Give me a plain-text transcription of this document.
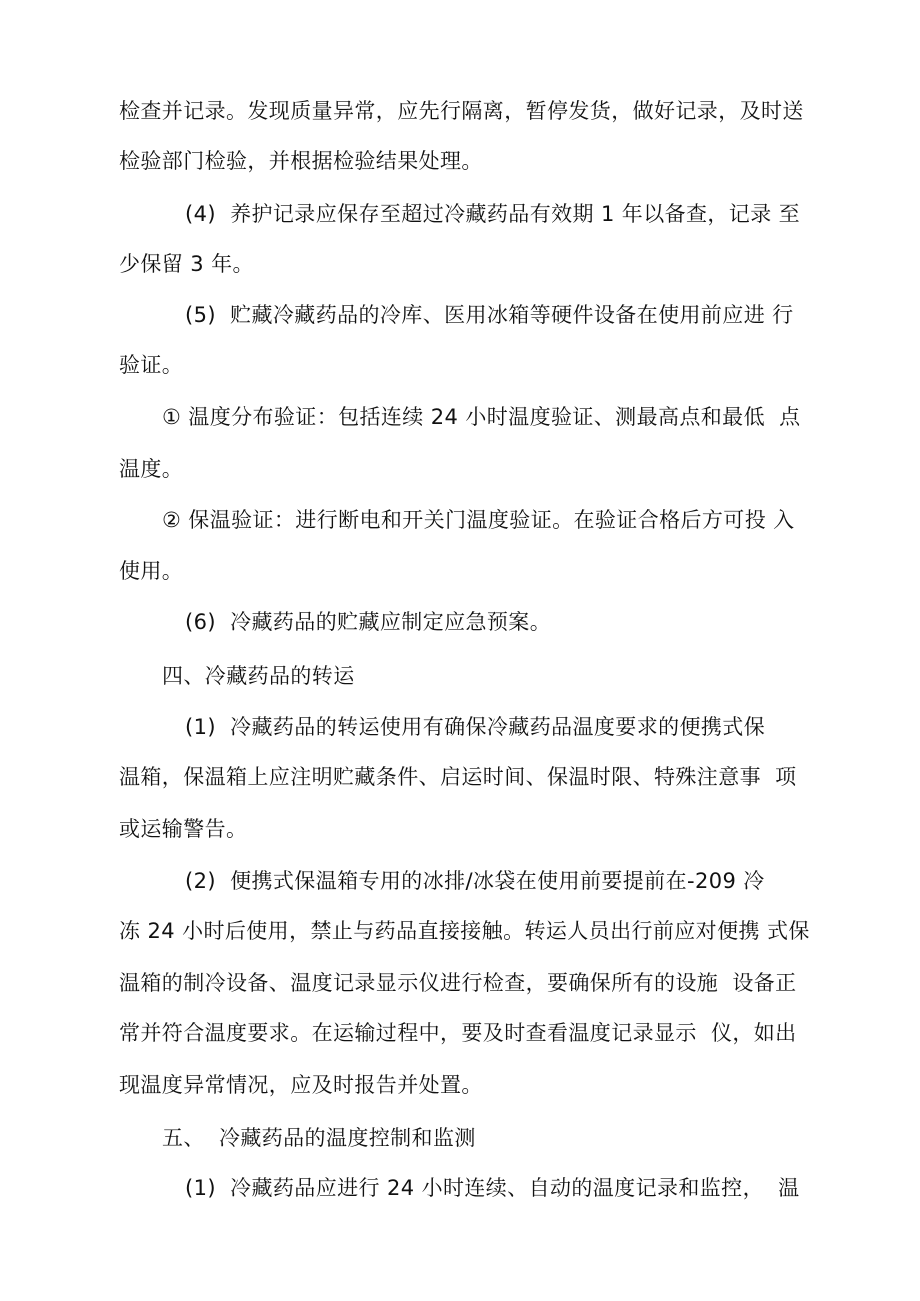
检查并记录。发现质量异常，应先行隔离，暂停发货，做好记录，及时送
检验部门检验，并根据检验结果处理。
(4)  养护记录应保存至超过冷藏药品有效期 1 年以备查，记录 至
少保留 3 年。
(5)  贮藏冷藏药品的冷库、医用冰箱等硬件设备在使用前应进 行
验证。
① 温度分布验证：包括连续 24 小时温度验证、测最高点和最低  点
温度。
② 保温验证：进行断电和开关门温度验证。在验证合格后方可投 入
使用。
(6)  冷藏药品的贮藏应制定应急预案。
四、冷藏药品的转运
(1)  冷藏药品的转运使用有确保冷藏药品温度要求的便携式保
温箱，保温箱上应注明贮藏条件、启运时间、保温时限、特殊注意事  项
或运输警告。
(2)  便携式保温箱专用的冰排/冰袋在使用前要提前在-209 冷
冻 24 小时后使用，禁止与药品直接接触。转运人员出行前应对便携 式保
温箱的制冷设备、温度记录显示仪进行检查，要确保所有的设施  设备正
常并符合温度要求。在运输过程中，要及时查看温度记录显示  仪，如出
现温度异常情况，应及时报告并处置。
五、  冷藏药品的温度控制和监测
(1)  冷藏药品应进行 24 小时连续、自动的温度记录和监控，  温
